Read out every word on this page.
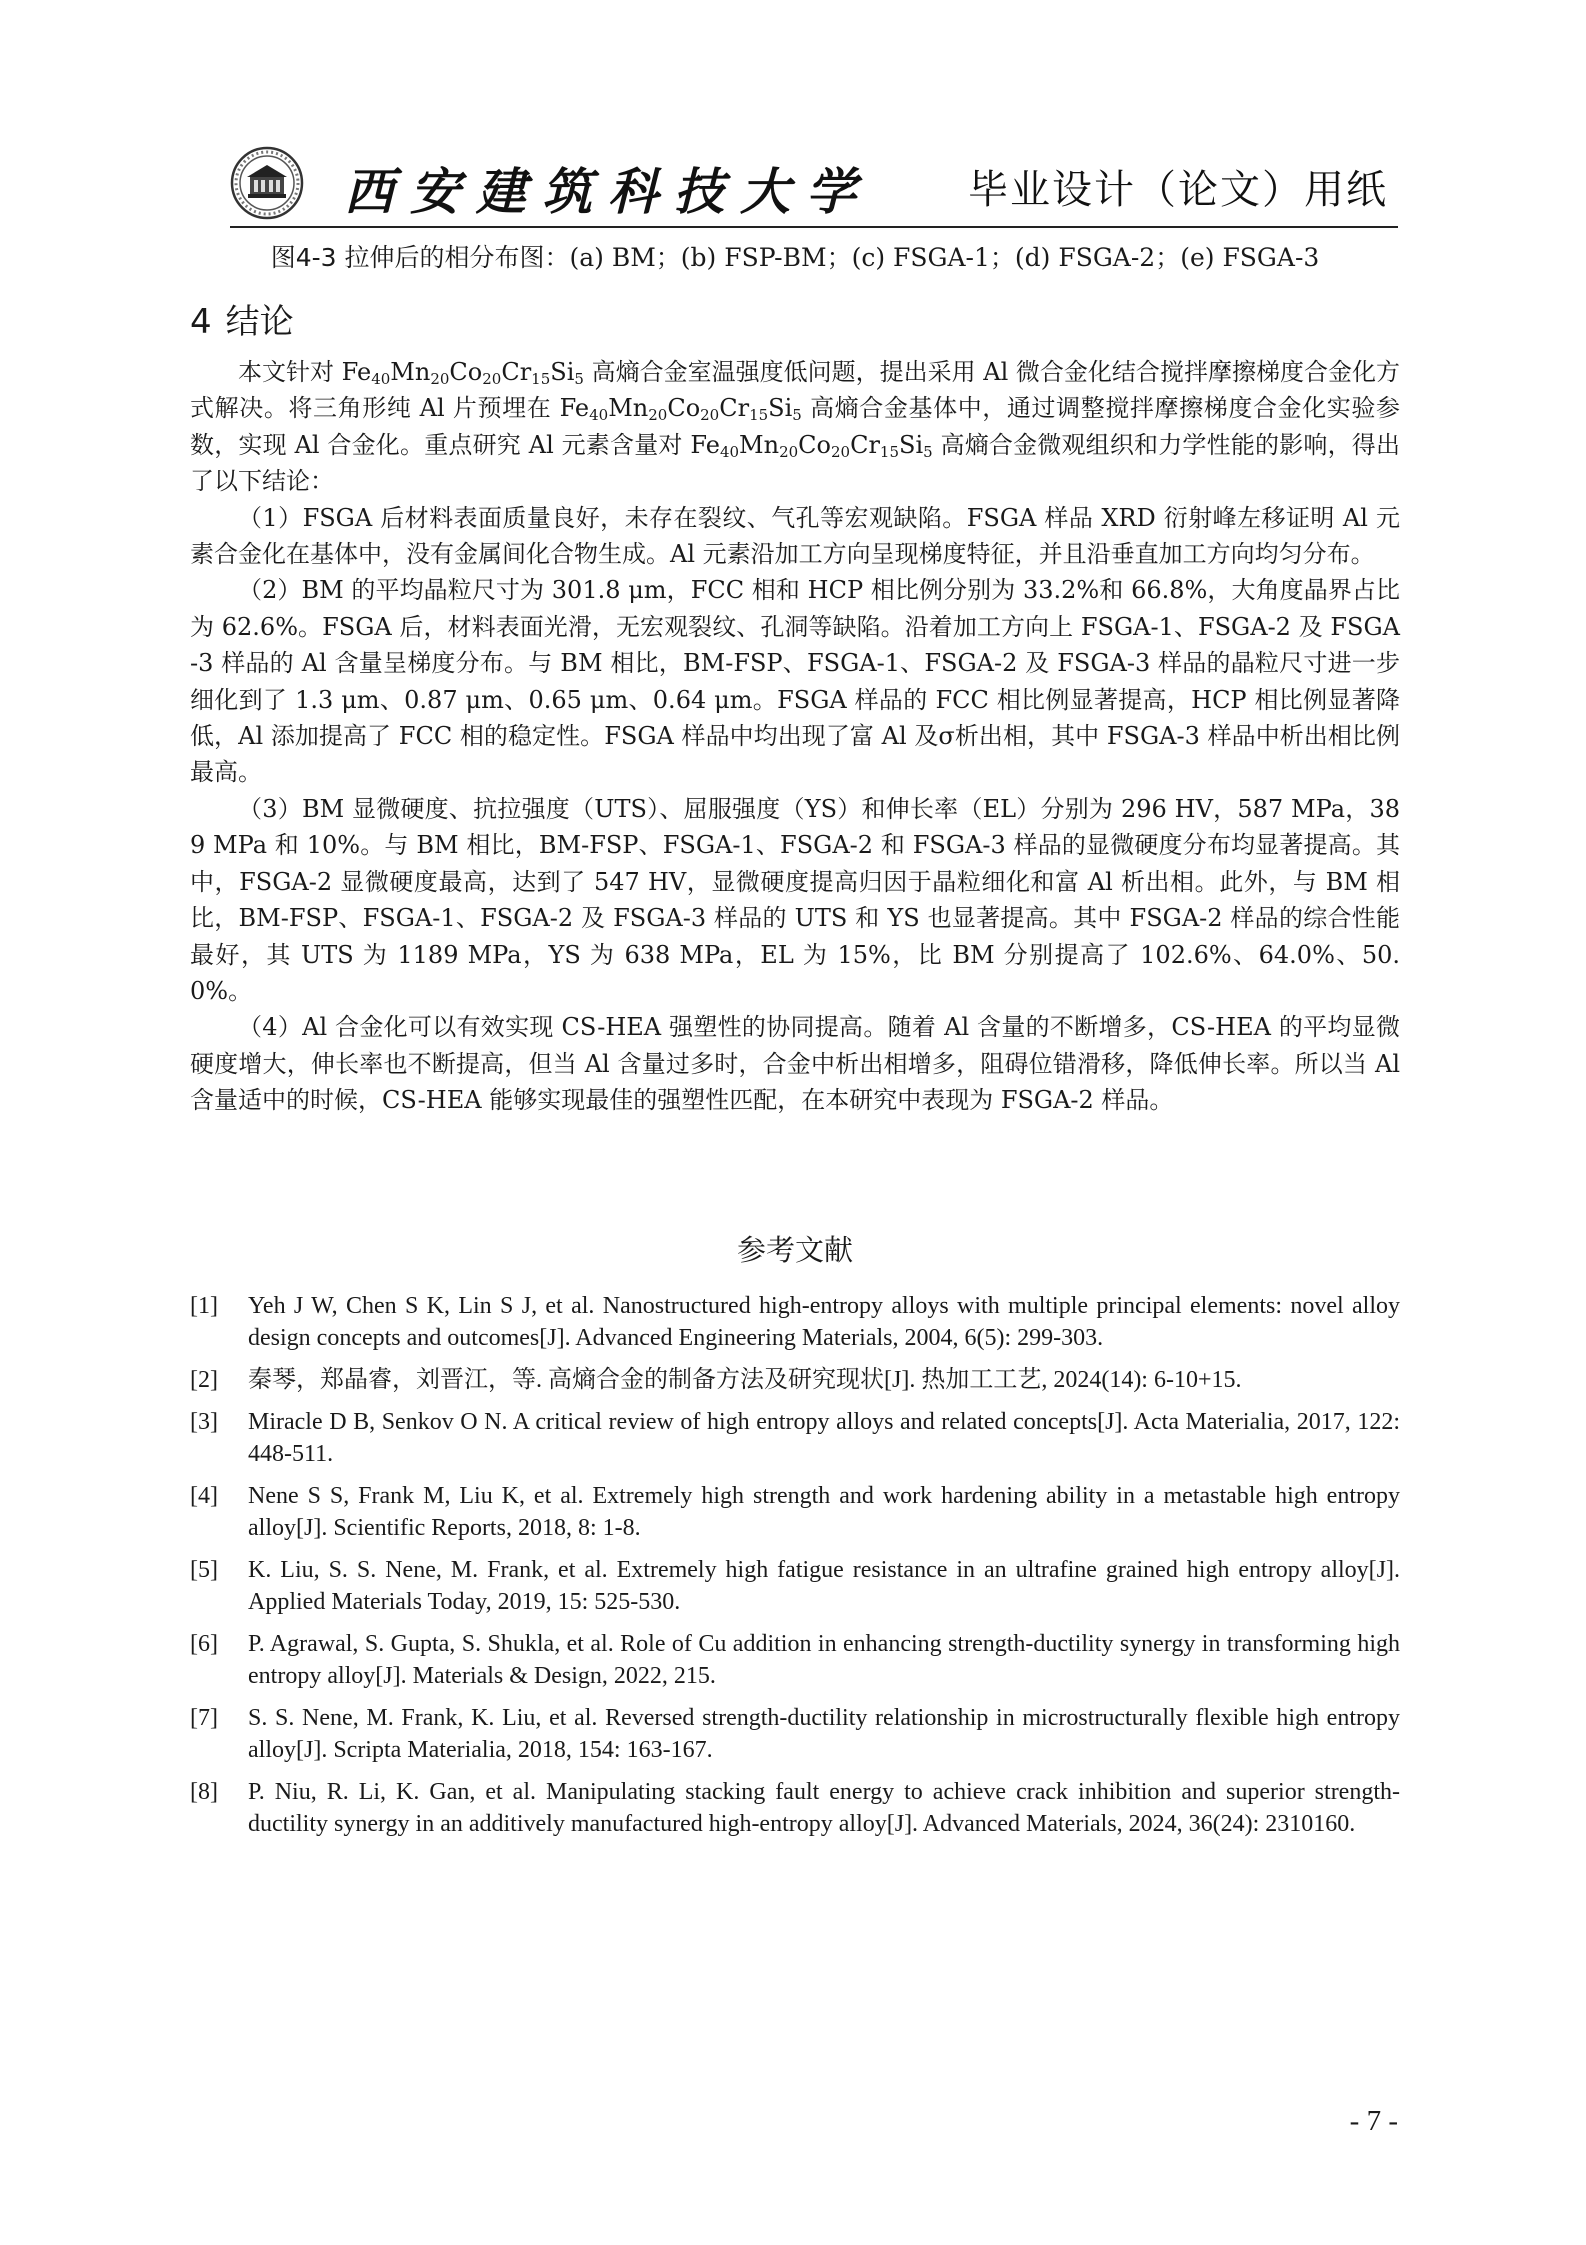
西安建筑科技大学 毕业设计（论文）用纸
图4-3 拉伸后的相分布图：(a) BM；(b) FSP-BM；(c) FSGA-1；(d) FSGA-2；(e) FSGA-3
4 结论

本文针对 $Fe_{40}Mn_{20}Co_{20}Cr_{15}Si_5$ 高熵合金室温强度低问题，提出采用 Al 微合金化结合搅拌摩擦梯度合金化方式解决。将三角形纯 Al 片预埋在 $Fe_{40}Mn_{20}Co_{20}Cr_{15}Si_5$ 高熵合金基体中，通过调整搅拌摩擦梯度合金化实验参数，实现 Al 合金化。重点研究 Al 元素含量对 $Fe_{40}Mn_{20}Co_{20}Cr_{15}Si_5$ 高熵合金微观组织和力学性能的影响，得出了以下结论：

（1）FSGA 后材料表面质量良好，未存在裂纹、气孔等宏观缺陷。FSGA 样品 XRD 衍射峰左移证明 Al 元素合金化在基体中，没有金属间化合物生成。Al 元素沿加工方向呈现梯度特征，并且沿垂直加工方向均匀分布。

（2）BM 的平均晶粒尺寸为 301.8 μm，FCC 相和 HCP 相比例分别为 33.2%和 66.8%，大角度晶界占比为 62.6%。FSGA 后，材料表面光滑，无宏观裂纹、孔洞等缺陷。沿着加工方向上 FSGA-1、FSGA-2 及 FSGA-3 样品的 Al 含量呈梯度分布。与 BM 相比，BM-FSP、FSGA-1、FSGA-2 及 FSGA-3 样品的晶粒尺寸进一步细化到了 1.3 μm、0.87 μm、0.65 μm、0.64 μm。FSGA 样品的 FCC 相比例显著提高，HCP 相比例显著降低，Al 添加提高了 FCC 相的稳定性。FSGA 样品中均出现了富 Al 及σ析出相，其中 FSGA-3 样品中析出相比例最高。

（3）BM 显微硬度、抗拉强度（UTS）、屈服强度（YS）和伸长率（EL）分别为 296 HV，587 MPa，389 MPa 和 10%。与 BM 相比，BM-FSP、FSGA-1、FSGA-2 和 FSGA-3 样品的显微硬度分布均显著提高。其中，FSGA-2 显微硬度最高，达到了 547 HV，显微硬度提高归因于晶粒细化和富 Al 析出相。此外，与 BM 相比，BM-FSP、FSGA-1、FSGA-2 及 FSGA-3 样品的 UTS 和 YS 也显著提高。其中 FSGA-2 样品的综合性能最好，其 UTS 为 1189 MPa，YS 为 638 MPa，EL 为 15%，比 BM 分别提高了 102.6%、64.0%、50.0%。

（4）Al 合金化可以有效实现 CS-HEA 强塑性的协同提高。随着 Al 含量的不断增多，CS-HEA 的平均显微硬度增大，伸长率也不断提高，但当 Al 含量过多时，合金中析出相增多，阻碍位错滑移，降低伸长率。所以当 Al 含量适中的时候，CS-HEA 能够实现最佳的强塑性匹配，在本研究中表现为 FSGA-2 样品。

参考文献
[1]	Yeh J W, Chen S K, Lin S J, et al. Nanostructured high-entropy alloys with multiple principal elements: novel alloy design concepts and outcomes[J]. Advanced Engineering Materials, 2004, 6(5): 299-303.
[2]	秦琴，郑晶睿，刘晋江，等. 高熵合金的制备方法及研究现状[J]. 热加工工艺, 2024(14): 6-10+15.
[3]	Miracle D B, Senkov O N. A critical review of high entropy alloys and related concepts[J]. Acta Materialia, 2017, 122: 448-511.
[4]	Nene S S, Frank M, Liu K, et al. Extremely high strength and work hardening ability in a metastable high entropy alloy[J]. Scientific Reports, 2018, 8: 1-8.
[5]	K. Liu, S. S. Nene, M. Frank, et al. Extremely high fatigue resistance in an ultrafine grained high entropy alloy[J]. Applied Materials Today, 2019, 15: 525-530.
[6]	P. Agrawal, S. Gupta, S. Shukla, et al. Role of Cu addition in enhancing strength-ductility synergy in transforming high entropy alloy[J]. Materials & Design, 2022, 215.
[7]	S. S. Nene, M. Frank, K. Liu, et al. Reversed strength-ductility relationship in microstructurally flexible high entropy alloy[J]. Scripta Materialia, 2018, 154: 163-167.
[8]	P. Niu, R. Li, K. Gan, et al. Manipulating stacking fault energy to achieve crack inhibition and superior strength-ductility synergy in an additively manufactured high-entropy alloy[J]. Advanced Materials, 2024, 36(24): 2310160.
- 7 -
